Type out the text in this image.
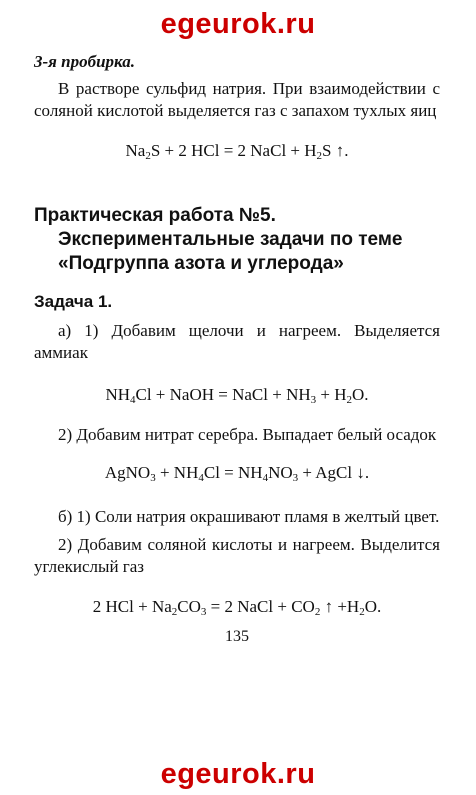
egeurok.ru

3-я пробирка.

В растворе сульфид натрия. При взаимодействии с соляной кислотой выделяется газ с запахом тухлых яиц

$Na_2S + 2$ HCl = 2 NaCl + $H_2S$ ↑.

Практическая работа №5.
Экспериментальные задачи по теме «Подгруппа азота и углерода»

Задача 1.

а) 1) Добавим щелочи и нагреем. Выделяется аммиак

$NH_4Cl$ + NaOH = NaCl + $NH_3 + H_2O$.

2) Добавим нитрат серебра. Выпадает белый осадок

AgNO$_3$ + $NH_4Cl = NH_4NO_3$ + AgCl ↓.

б) 1) Соли натрия окрашивают пламя в желтый цвет.

2) Добавим соляной кислоты и нагреем. Выделится углекислый газ

2 HCl + $Na_2CO_3 = 2$ NaCl + $CO_2$ ↑ $+H_2O$.

135

egeurok.ru
